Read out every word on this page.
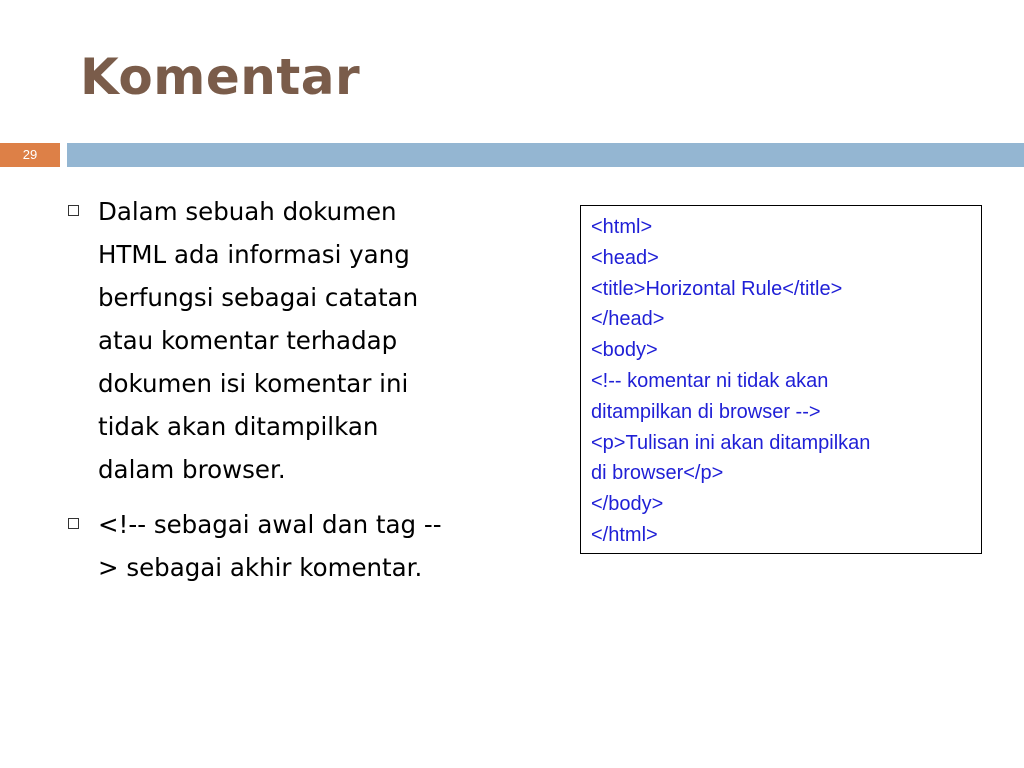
Komentar
29
Dalam sebuah dokumen
HTML ada informasi yang
berfungsi sebagai catatan
atau komentar terhadap
dokumen isi komentar ini
tidak akan ditampilkan
dalam browser.
<!-- sebagai awal dan tag --
> sebagai akhir komentar.
<html>
<head>
<title>Horizontal Rule</title>
</head>
<body>
<!-- komentar ni tidak akan
ditampilkan di browser -->
<p>Tulisan ini akan ditampilkan
di browser</p>
</body>
</html>
